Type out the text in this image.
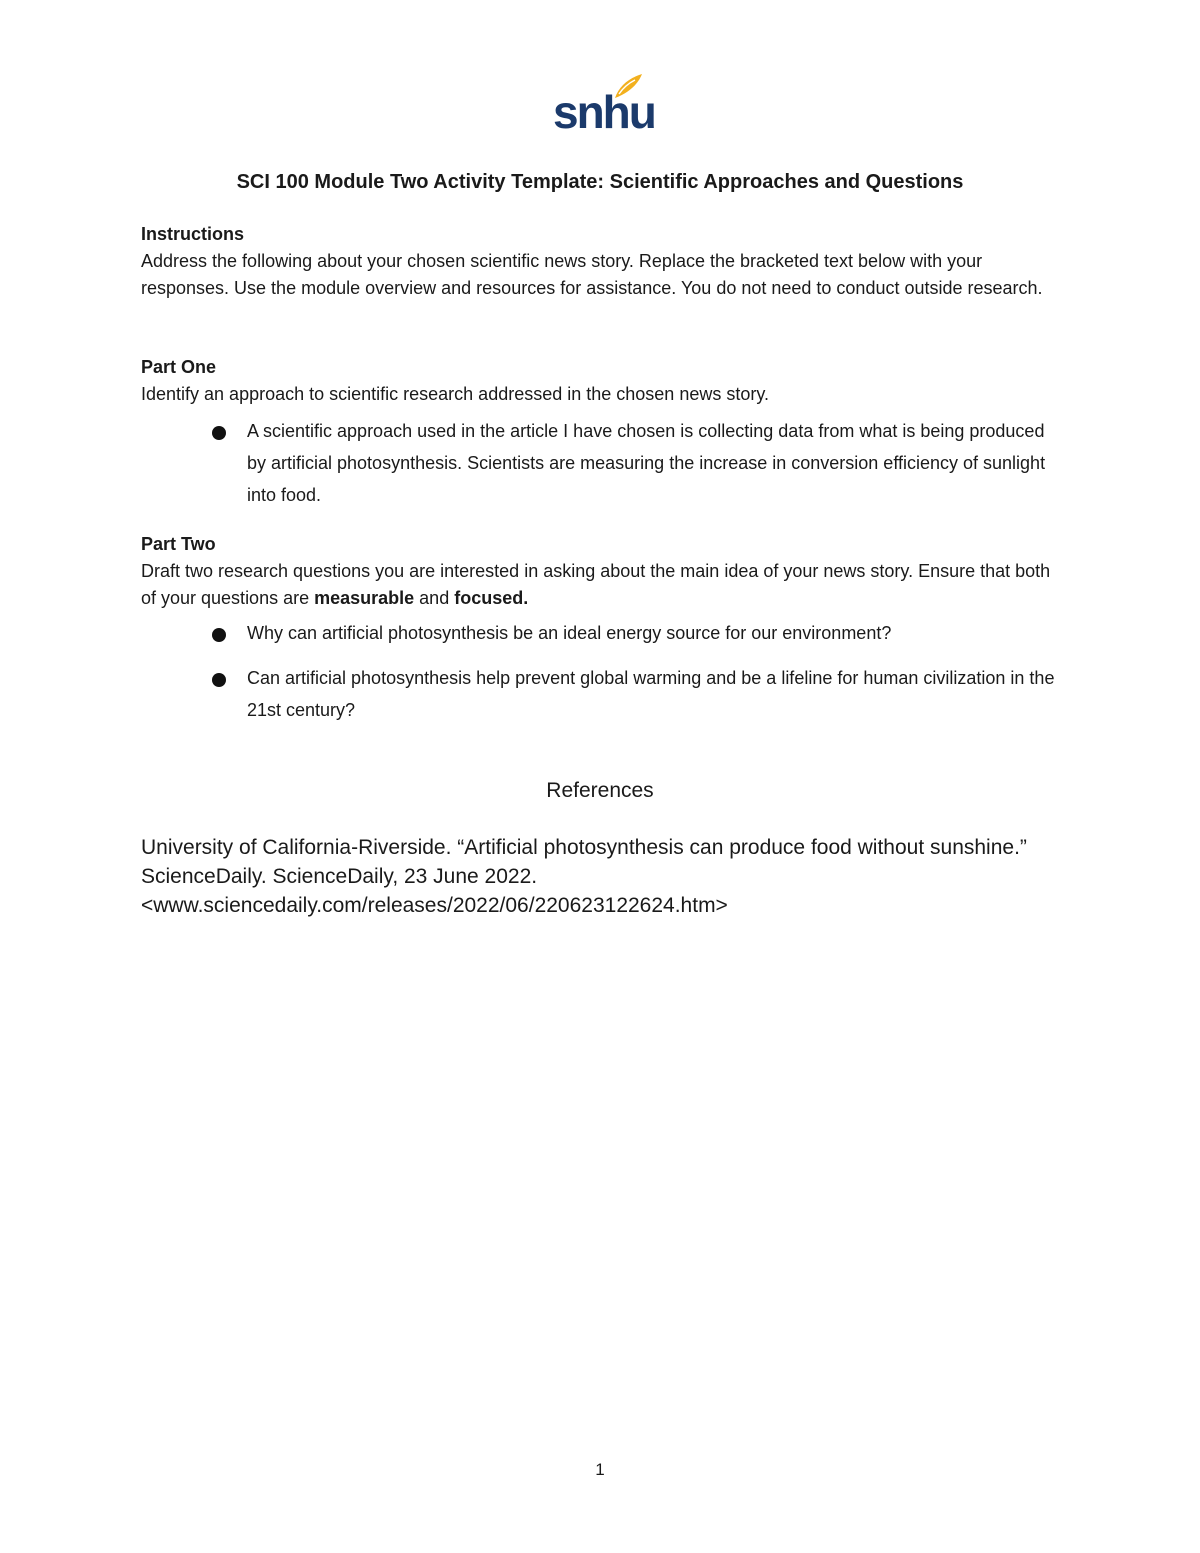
snhu
SCI 100 Module Two Activity Template: Scientific Approaches and Questions
Instructions
Address the following about your chosen scientific news story. Replace the bracketed text below with your responses. Use the module overview and resources for assistance. You do not need to conduct outside research.
Part One
Identify an approach to scientific research addressed in the chosen news story.
A scientific approach used in the article I have chosen is collecting data from what is being produced by artificial photosynthesis. Scientists are measuring the increase in conversion efficiency of sunlight into food.
Part Two
Draft two research questions you are interested in asking about the main idea of your news story. Ensure that both of your questions are measurable and focused.
Why can artificial photosynthesis be an ideal energy source for our environment?
Can artificial photosynthesis help prevent global warming and be a lifeline for human civilization in the 21st century?
References
University of California-Riverside. “Artificial photosynthesis can produce food without sunshine.”
ScienceDaily. ScienceDaily, 23 June 2022.
<www.sciencedaily.com/releases/2022/06/220623122624.htm>
1
